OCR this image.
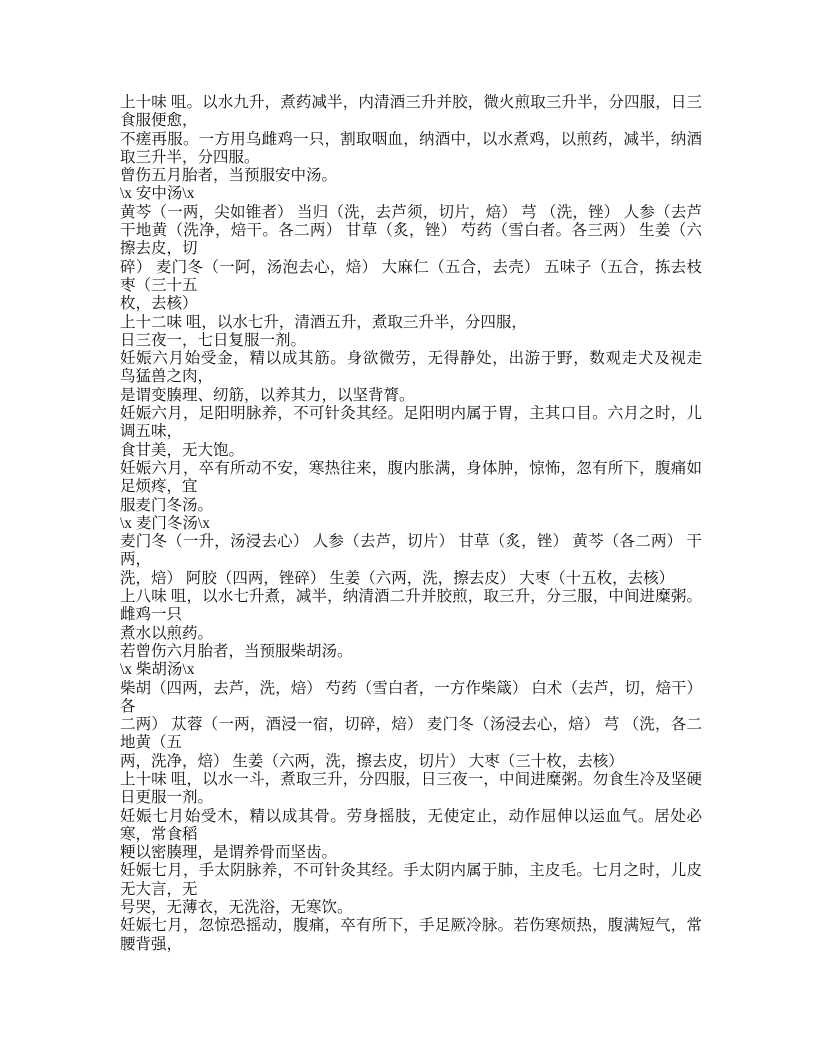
上十味 咀。以水九升，煮药减半，内清酒三升并胶，微火煎取三升半，分四服，日三
食服便愈，
不瘥再服。一方用乌雌鸡一只，割取咽血，纳酒中，以水煮鸡，以煎药，减半，纳酒
取三升半，分四服。
曾伤五月胎者，当预服安中汤。
\x 安中汤\x
黄芩（一两，尖如锥者） 当归（洗，去芦须，切片，焙） 芎 （洗，锉） 人参（去芦
干地黄（洗净，焙干。各二两） 甘草（炙，锉） 芍药（雪白者。各三两） 生姜（六
擦去皮，切
碎） 麦门冬（一阿，汤泡去心，焙） 大麻仁（五合，去壳） 五味子（五合，拣去枝
枣（三十五
枚，去核）
上十二味 咀，以水七升，清酒五升，煮取三升半，分四服，
日三夜一，七日复服一剂。
妊娠六月始受金，精以成其筋。身欲微劳，无得静处，出游于野，数观走犬及视走
鸟猛兽之肉，
是谓变腠理、纫筋，以养其力，以坚背膂。
妊娠六月，足阳明脉养，不可针灸其经。足阳明内属于胃，主其口目。六月之时，儿
调五味，
食甘美，无大饱。
妊娠六月，卒有所动不安，寒热往来，腹内胀满，身体肿，惊怖，忽有所下，腹痛如
足烦疼，宜
服麦门冬汤。
\x 麦门冬汤\x
麦门冬（一升，汤浸去心） 人参（去芦，切片） 甘草（炙，锉） 黄芩（各二两） 干
两，
洗，焙） 阿胶（四两，锉碎） 生姜（六两，洗，擦去皮） 大枣（十五枚，去核）
上八味 咀，以水七升煮，减半，纳清酒二升并胶煎，取三升，分三服，中间进糜粥。
雌鸡一只
煮水以煎药。
若曾伤六月胎者，当预服柴胡汤。
\x 柴胡汤\x
柴胡（四两，去芦，洗，焙） 芍药（雪白者，一方作柴箴） 白术（去芦，切，焙干）
各
二两） 苁蓉（一两，酒浸一宿，切碎，焙） 麦门冬（汤浸去心，焙） 芎 （洗，各二
地黄（五
两，洗净，焙） 生姜（六两，洗，擦去皮，切片） 大枣（三十枚，去核）
上十味 咀，以水一斗，煮取三升，分四服，日三夜一，中间进糜粥。勿食生冷及坚硬
日更服一剂。
妊娠七月始受木，精以成其骨。劳身摇肢，无使定止，动作屈伸以运血气。居处必
寒，常食稻
粳以密腠理，是谓养骨而坚齿。
妊娠七月，手太阴脉养，不可针灸其经。手太阴内属于肺，主皮毛。七月之时，儿皮
无大言，无
号哭，无薄衣，无洗浴，无寒饮。
妊娠七月，忽惊恐摇动，腹痛，卒有所下，手足厥冷脉。若伤寒烦热，腹满短气，常
腰背强，
